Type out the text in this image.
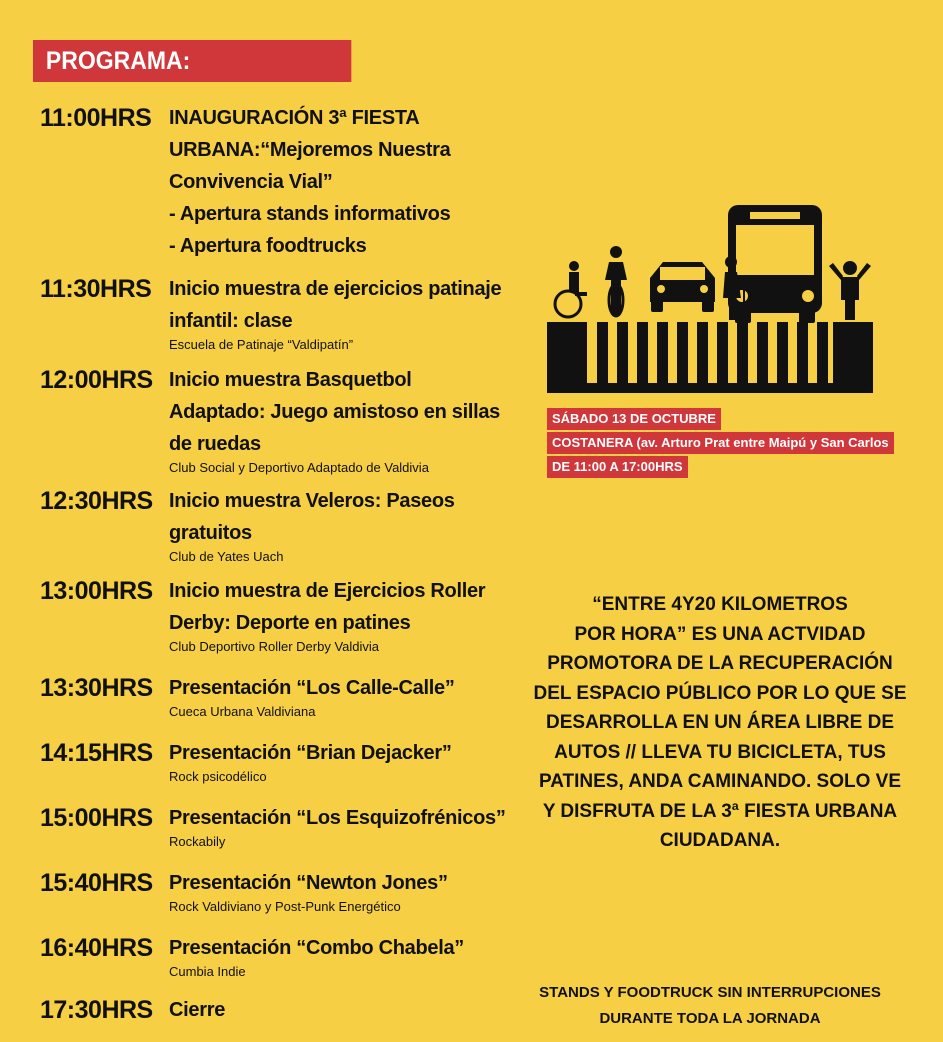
PROGRAMA:
11:00HRS INAUGURACIÓN 3ª FIESTA
URBANA:“Mejoremos Nuestra
Convivencia Vial”
- Apertura stands informativos
- Apertura foodtrucks
11:30HRS Inicio muestra de ejercicios patinaje
infantil: clase
Escuela de Patinaje “Valdipatín”
12:00HRS Inicio muestra Basquetbol
Adaptado: Juego amistoso en sillas
de ruedas
Club Social y Deportivo Adaptado de Valdivia
12:30HRS Inicio muestra Veleros: Paseos
gratuitos
Club de Yates Uach
13:00HRS Inicio muestra de Ejercicios Roller
Derby: Deporte en patines
Club Deportivo Roller Derby Valdivia
13:30HRS Presentación “Los Calle-Calle”
Cueca Urbana Valdiviana
14:15HRS Presentación “Brian Dejacker”
Rock psicodélico
15:00HRS Presentación “Los Esquizofrénicos”
Rockabily
15:40HRS Presentación “Newton Jones”
Rock Valdiviano y Post-Punk Energético
16:40HRS Presentación “Combo Chabela”
Cumbia Indie
17:30HRS Cierre
SÁBADO 13 DE OCTUBRE
COSTANERA (av. Arturo Prat entre Maipú y San Carlos
DE 11:00 A 17:00HRS
“ENTRE 4Y20 KILOMETROS
POR HORA” ES UNA ACTVIDAD
PROMOTORA DE LA RECUPERACIÓN
DEL ESPACIO PÚBLICO POR LO QUE SE
DESARROLLA EN UN ÁREA LIBRE DE
AUTOS // LLEVA TU BICICLETA, TUS
PATINES, ANDA CAMINANDO. SOLO VE
Y DISFRUTA DE LA 3ª FIESTA URBANA
CIUDADANA.
STANDS Y FOODTRUCK SIN INTERRUPCIONES
DURANTE TODA LA JORNADA
